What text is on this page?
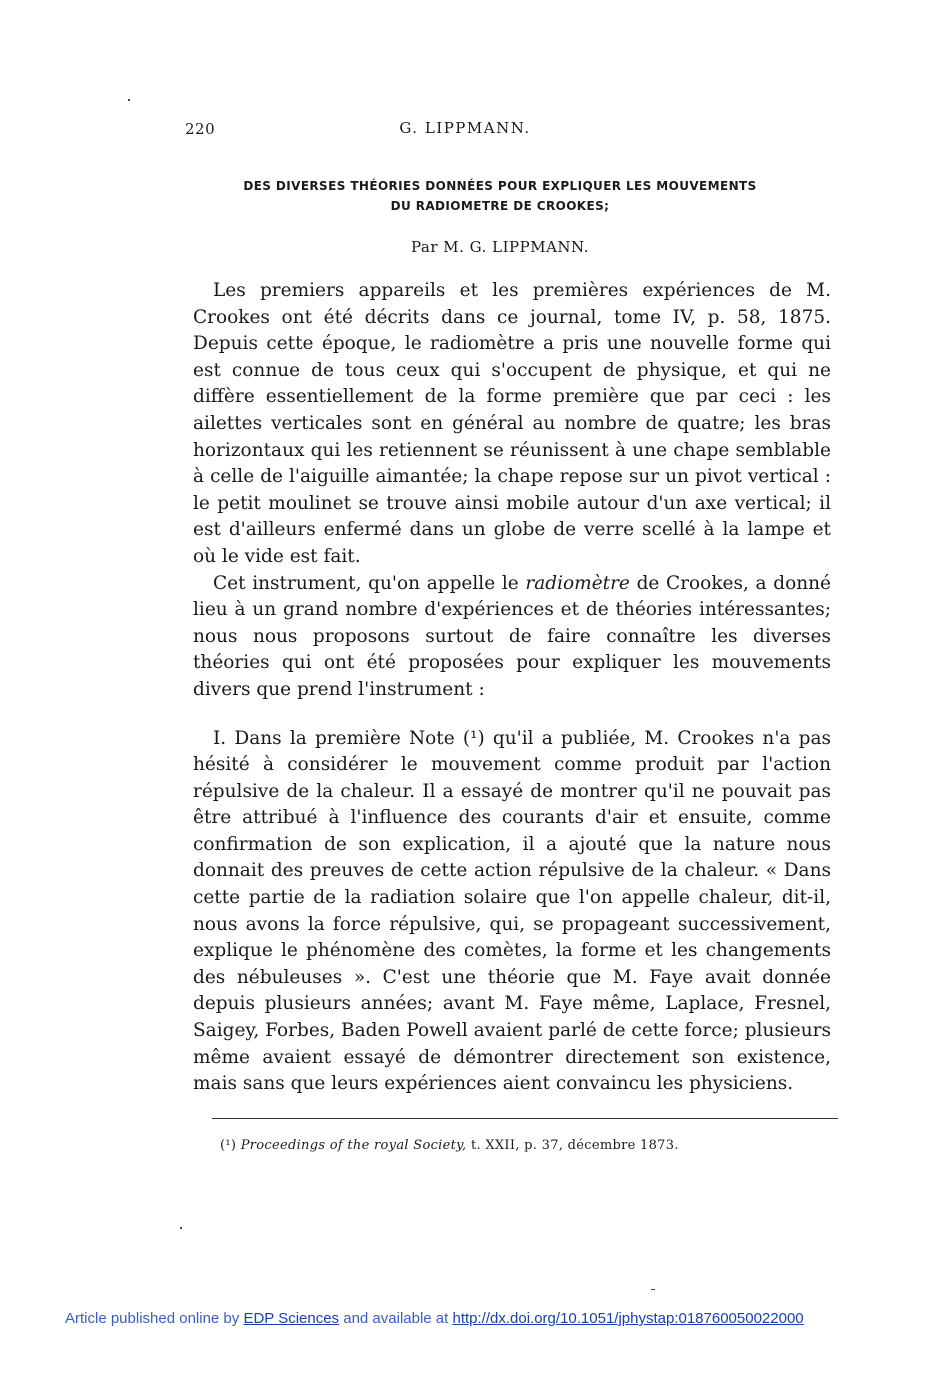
220	G. LIPPMANN.
DES DIVERSES THÉORIES DONNÉES POUR EXPLIQUER LES MOUVEMENTS
DU RADIOMETRE DE CROOKES;
Par M. G. LIPPMANN.

Les premiers appareils et les premières expériences de M. Crookes ont été décrits dans ce journal, tome IV, p. 58, 1875. Depuis cette époque, le radiomètre a pris une nouvelle forme qui est connue de tous ceux qui s'occupent de physique, et qui ne diffère essentiellement de la forme première que par ceci : les ailettes verticales sont en général au nombre de quatre; les bras horizontaux qui les retiennent se réunissent à une chape semblable à celle de l'aiguille aimantée; la chape repose sur un pivot vertical : le petit moulinet se trouve ainsi mobile autour d'un axe vertical; il est d'ailleurs enfermé dans un globe de verre scellé à la lampe et où le vide est fait.

Cet instrument, qu'on appelle le radiomètre de Crookes, a donné lieu à un grand nombre d'expériences et de théories intéressantes; nous nous proposons surtout de faire connaître les diverses théories qui ont été proposées pour expliquer les mouvements divers que prend l'instrument :

I. Dans la première Note (¹) qu'il a publiée, M. Crookes n'a pas hésité à considérer le mouvement comme produit par l'action répulsive de la chaleur. Il a essayé de montrer qu'il ne pouvait pas être attribué à l'influence des courants d'air et ensuite, comme confirmation de son explication, il a ajouté que la nature nous donnait des preuves de cette action répulsive de la chaleur. « Dans cette partie de la radiation solaire que l'on appelle chaleur, dit-il, nous avons la force répulsive, qui, se propageant successivement, explique le phénomène des comètes, la forme et les changements des nébuleuses ». C'est une théorie que M. Faye avait donnée depuis plusieurs années; avant M. Faye même, Laplace, Fresnel, Saigey, Forbes, Baden Powell avaient parlé de cette force; plusieurs même avaient essayé de démontrer directement son existence, mais sans que leurs expériences aient convaincu les physiciens.

(¹) Proceedings of the royal Society, t. XXII, p. 37, décembre 1873.
Article published online by EDP Sciences and available at http://dx.doi.org/10.1051/jphystap:018760050022000
